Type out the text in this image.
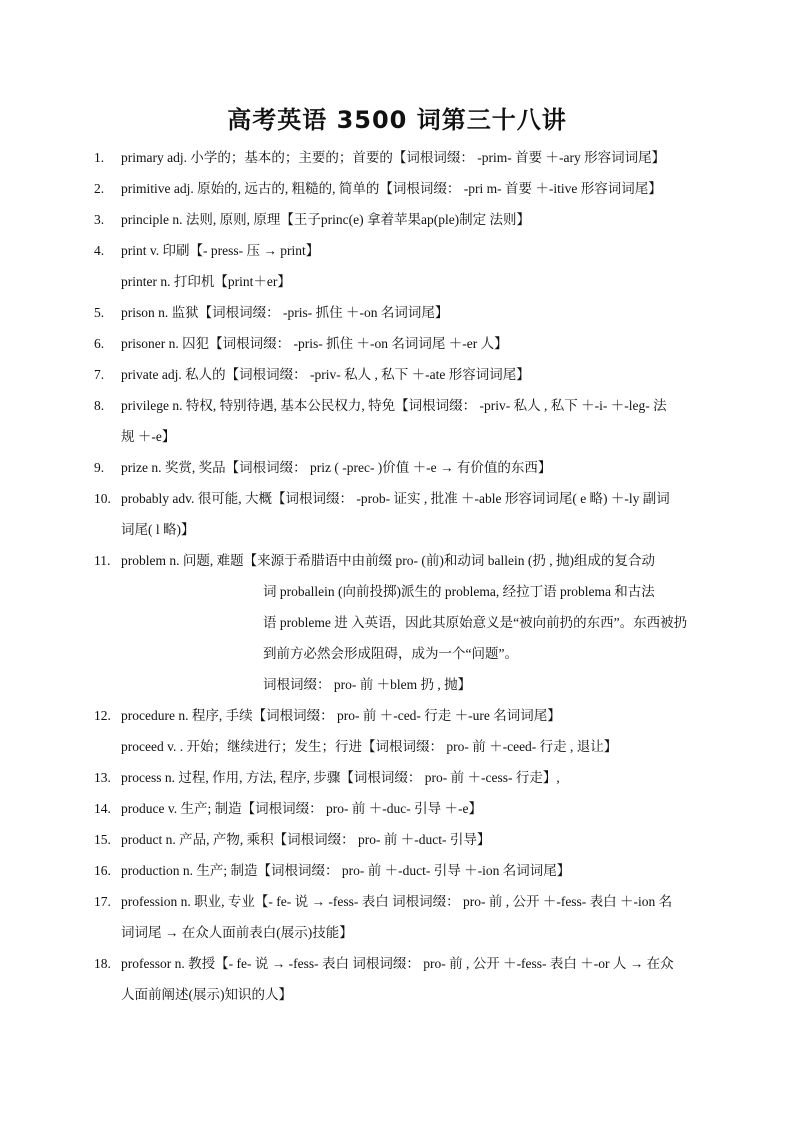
高考英语 3500 词第三十八讲
1.	primary adj. 小学的；基本的；主要的；首要的【词根词缀： -prim- 首要 ＋-ary 形容词词尾】
2.	primitive adj. 原始的, 远古的, 粗糙的, 简单的【词根词缀： -pri m- 首要 ＋-itive 形容词词尾】
3.	principle n. 法则, 原则, 原理【王子princ(e) 拿着苹果ap(ple)制定 法则】
4.	print v. 印刷【- press- 压 → print】
printer n. 打印机【print＋er】
5.	prison n. 监狱【词根词缀： -pris- 抓住 ＋-on 名词词尾】
6.	prisoner n. 囚犯【词根词缀： -pris- 抓住 ＋-on 名词词尾 ＋-er 人】
7.	private adj. 私人的【词根词缀： -priv- 私人 , 私下 ＋-ate 形容词词尾】
8.	privilege n. 特权, 特别待遇, 基本公民权力, 特免【词根词缀： -priv- 私人 , 私下 ＋-i- ＋-leg- 法
规 ＋-e】
9.	prize n. 奖赏, 奖品【词根词缀： priz ( -prec- )价值 ＋-e → 有价值的东西】
10. probably adv. 很可能, 大概【词根词缀： -prob- 证实 , 批准 ＋-able 形容词词尾( e 略) ＋-ly 副词
词尾( l 略)】
11. problem n. 问题, 难题【来源于希腊语中由前缀 pro- (前)和动词 ballein (扔 , 抛)组成的复合动
词 proballein (向前投掷)派生的 problema, 经拉丁语 problema 和古法
语 probleme 进 入英语，因此其原始意义是“被向前扔的东西”。东西被扔
到前方必然会形成阻碍，成为一个“问题”。
词根词缀： pro- 前 ＋blem 扔 , 抛】
12. procedure n. 程序, 手续【词根词缀： pro- 前 ＋-ced- 行走 ＋-ure 名词词尾】
proceed v. . 开始；继续进行；发生；行进【词根词缀： pro- 前 ＋-ceed- 行走 , 退让】
13. process n. 过程, 作用, 方法, 程序, 步骤【词根词缀： pro- 前 ＋-cess- 行走】,
14. produce v. 生产; 制造【词根词缀： pro- 前 ＋-duc- 引导 ＋-e】
15. product n. 产品, 产物, 乘积【词根词缀： pro- 前 ＋-duct- 引导】
16. production n. 生产; 制造【词根词缀： pro- 前 ＋-duct- 引导 ＋-ion 名词词尾】
17. profession n. 职业, 专业【- fe- 说 → -fess- 表白 词根词缀： pro- 前 , 公开 ＋-fess- 表白 ＋-ion 名
词词尾 → 在众人面前表白(展示)技能】
18. professor n. 教授【- fe- 说 → -fess- 表白 词根词缀： pro- 前 , 公开 ＋-fess- 表白 ＋-or 人 → 在众
人面前阐述(展示)知识的人】
